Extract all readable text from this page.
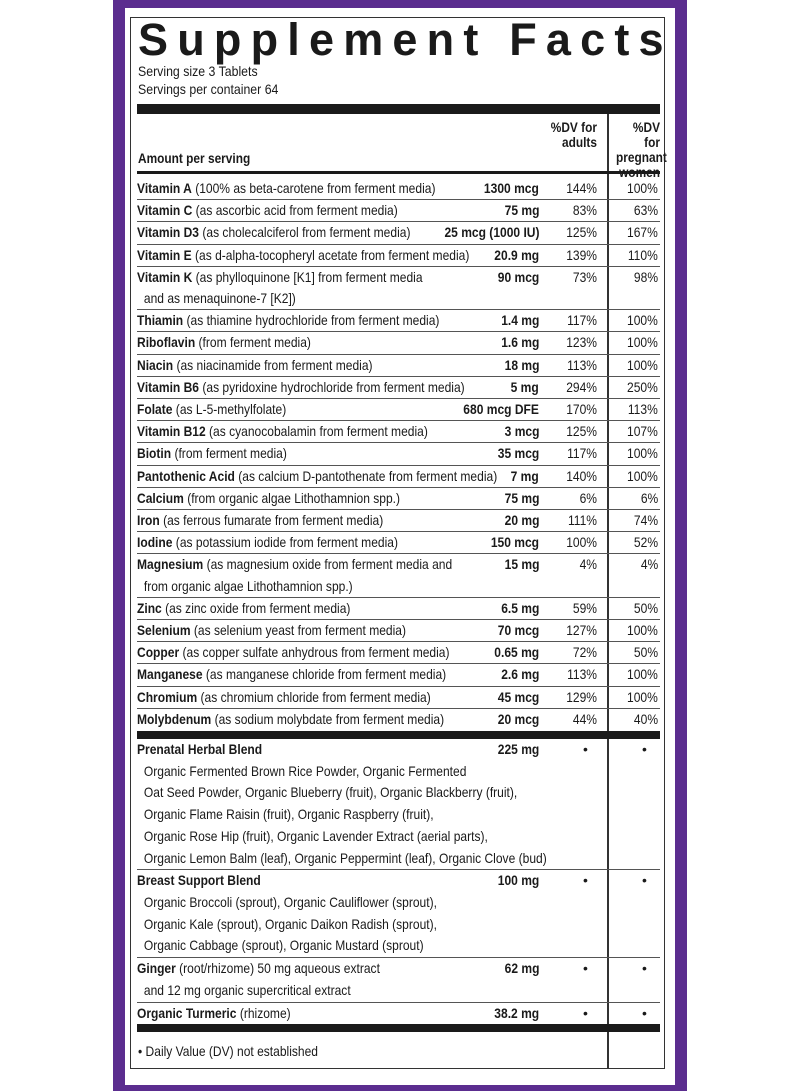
Supplement Facts
Serving size 3 Tablets
Servings per container 64
Amount per serving
%DV for adults
%DV for pregnant
Vitamin A (100% as beta-carotene from ferment media)	1300 mcg	144% 100%
Vitamin C (as ascorbic acid from ferment media)	75 mg	83%	63%
Vitamin D3 (as cholecalciferol from ferment media)	25 mcg (1000 IU)	125% 167%
Vitamin E (as d-alpha-tocopheryl acetate from ferment media)	20.9 mg	139% 110%
Vitamin K (as phylloquinone [K1] from ferment media
and as menaquinone-7 [K2])
90 mcg	73%	98%
Thiamin (as thiamine hydrochloride from ferment media)	1.4 mg	117% 100%
Riboflavin (from ferment media)	1.6 mg	123% 100%
Niacin (as niacinamide from ferment media)	18 mg	113% 100%
Vitamin B6 (as pyridoxine hydrochloride from ferment media)	5 mg	294% 250%
Folate (as L-5-methylfolate)	680 mcg DFE	170% 113%
Vitamin B12 (as cyanocobalamin from ferment media)	3 mcg	125% 107%
Biotin (from ferment media)	35 mcg	117% 100%
Pantothenic Acid (as calcium D-pantothenate from ferment media) 7 mg	140% 100%
Calcium (from organic algae Lithothamnion spp.)	75 mg	6%	6%
Iron (as ferrous fumarate from ferment media)	20 mg	111%	74%
Iodine (as potassium iodide from ferment media)	150 mcg	100%	52%
Magnesium (as magnesium oxide from ferment media and
from organic algae Lithothamnion spp.)
15 mg	4%	4%
Zinc (as zinc oxide from ferment media)	6.5 mg	59%	50%
Selenium (as selenium yeast from ferment media)	70 mcg	127% 100%
Copper (as copper sulfate anhydrous from ferment media)	0.65 mg	72%	50%
Manganese (as manganese chloride from ferment media)	2.6 mg	113% 100%
Chromium (as chromium chloride from ferment media)	45 mcg	129% 100%
Molybdenum (as sodium molybdate from ferment media)	20 mcg	44%	40%
Prenatal Herbal Blend
Organic Fermented Brown Rice Powder, Organic Fermented
Oat Seed Powder, Organic Blueberry (fruit), Organic Blackberry (fruit),
Organic Flame Raisin (fruit), Organic Raspberry (fruit),
Organic Rose Hip (fruit), Organic Lavender Extract (aerial parts),
Organic Lemon Balm (leaf), Organic Peppermint (leaf), Organic Clove (bud)
225 mg	•	•
Breast Support Blend
Organic Broccoli (sprout), Organic Cauliflower (sprout),
Organic Kale (sprout), Organic Daikon Radish (sprout),
Organic Cabbage (sprout), Organic Mustard (sprout)
100 mg	•	•
Ginger (root/rhizome) 50 mg aqueous extract
and 12 mg organic supercritical extract
62 mg	•	•
Organic Turmeric (rhizome)	38.2 mg	•	•
• Daily Value (DV) not established
